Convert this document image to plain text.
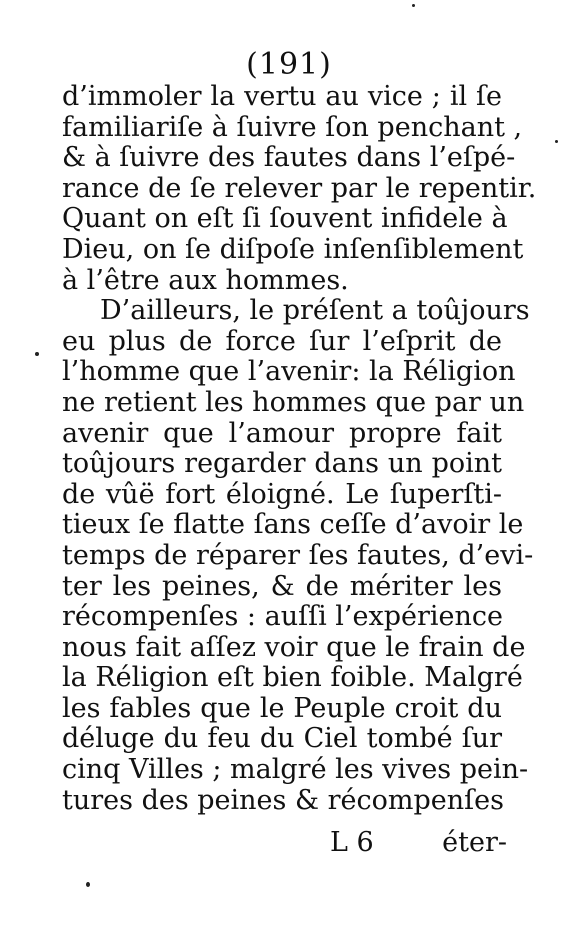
(191)
d’immoler la vertu au vice ; il ſe
familiariſe à ſuivre ſon penchant ,
& à ſuivre des fautes dans l’eſpé-
rance de ſe relever par le repentir.
Quant on eſt ſi ſouvent infidele à
Dieu, on ſe diſpoſe inſenſiblement
à l’être aux hommes.
D’ailleurs, le préſent a toûjours
eu plus de force ſur l’eſprit de
l’homme que l’avenir: la Réligion
ne retient les hommes que par un
avenir que l’amour propre fait
toûjours regarder dans un point
de vûë fort éloigné. Le ſuperſti-
tieux ſe flatte ſans ceſſe d’avoir le
temps de réparer ſes fautes, d’evi-
ter les peines, & de mériter les
récompenſes : auſſi l’expérience
nous fait aſſez voir que le frain de
la Réligion eſt bien foible. Malgré
les fables que le Peuple croit du
déluge du feu du Ciel tombé ſur
cinq Villes ; malgré les vives pein-
tures des peines & récompenſes
L 6	éter-
